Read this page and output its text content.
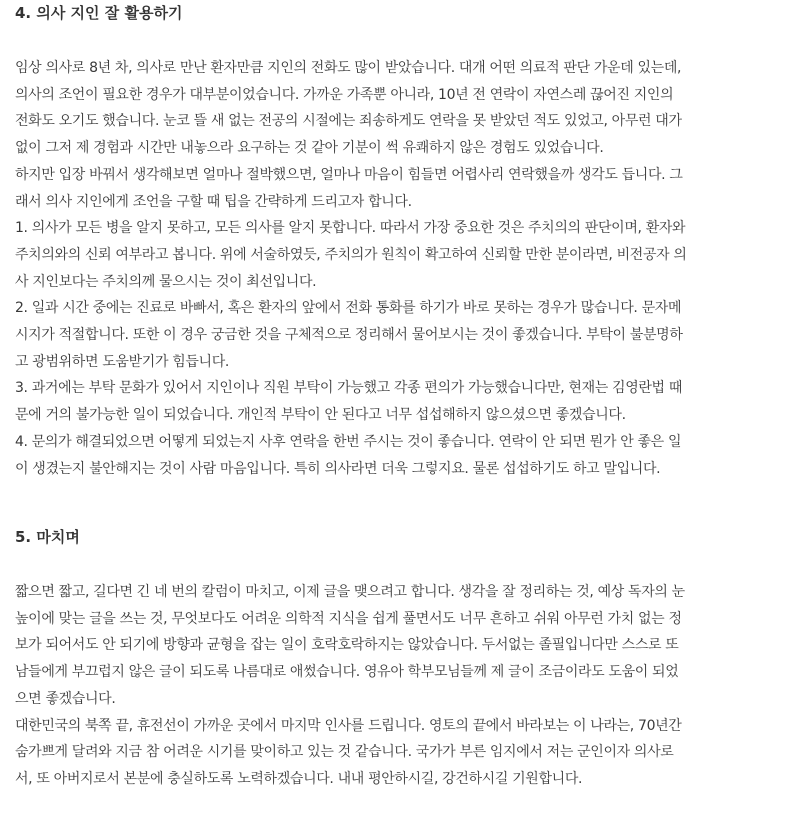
4. 의사 지인 잘 활용하기
임상 의사로 8년 차, 의사로 만난 환자만큼 지인의 전화도 많이 받았습니다. 대개 어떤 의료적 판단 가운데 있는데,
의사의 조언이 필요한 경우가 대부분이었습니다. 가까운 가족뿐 아니라, 10년 전 연락이 자연스레 끊어진 지인의
전화도 오기도 했습니다. 눈코 뜰 새 없는 전공의 시절에는 죄송하게도 연락을 못 받았던 적도 있었고, 아무런 대가
없이 그저 제 경험과 시간만 내놓으라 요구하는 것 같아 기분이 썩 유쾌하지 않은 경험도 있었습니다.
하지만 입장 바꿔서 생각해보면 얼마나 절박했으면, 얼마나 마음이 힘들면 어렵사리 연락했을까 생각도 듭니다. 그
래서 의사 지인에게 조언을 구할 때 팁을 간략하게 드리고자 합니다.
1. 의사가 모든 병을 알지 못하고, 모든 의사를 알지 못합니다. 따라서 가장 중요한 것은 주치의의 판단이며, 환자와
주치의와의 신뢰 여부라고 봅니다. 위에 서술하였듯, 주치의가 원칙이 확고하여 신뢰할 만한 분이라면, 비전공자 의
사 지인보다는 주치의께 물으시는 것이 최선입니다.
2. 일과 시간 중에는 진료로 바빠서, 혹은 환자의 앞에서 전화 통화를 하기가 바로 못하는 경우가 많습니다. 문자메
시지가 적절합니다. 또한 이 경우 궁금한 것을 구체적으로 정리해서 물어보시는 것이 좋겠습니다. 부탁이 불분명하
고 광범위하면 도움받기가 힘듭니다.
3. 과거에는 부탁 문화가 있어서 지인이나 직원 부탁이 가능했고 각종 편의가 가능했습니다만, 현재는 김영란법 때
문에 거의 불가능한 일이 되었습니다. 개인적 부탁이 안 된다고 너무 섭섭해하지 않으셨으면 좋겠습니다.
4. 문의가 해결되었으면 어떻게 되었는지 사후 연락을 한번 주시는 것이 좋습니다. 연락이 안 되면 뭔가 안 좋은 일
이 생겼는지 불안해지는 것이 사람 마음입니다. 특히 의사라면 더욱 그렇지요. 물론 섭섭하기도 하고 말입니다.
5. 마치며
짧으면 짧고, 길다면 긴 네 번의 칼럼이 마치고, 이제 글을 맺으려고 합니다. 생각을 잘 정리하는 것, 예상 독자의 눈
높이에 맞는 글을 쓰는 것, 무엇보다도 어려운 의학적 지식을 쉽게 풀면서도 너무 흔하고 쉬워 아무런 가치 없는 정
보가 되어서도 안 되기에 방향과 균형을 잡는 일이 호락호락하지는 않았습니다. 두서없는 졸필입니다만 스스로 또
남들에게 부끄럽지 않은 글이 되도록 나름대로 애썼습니다. 영유아 학부모님들께 제 글이 조금이라도 도움이 되었
으면 좋겠습니다.
대한민국의 북쪽 끝, 휴전선이 가까운 곳에서 마지막 인사를 드립니다. 영토의 끝에서 바라보는 이 나라는, 70년간
숨가쁘게 달려와 지금 참 어려운 시기를 맞이하고 있는 것 같습니다. 국가가 부른 임지에서 저는 군인이자 의사로
서, 또 아버지로서 본분에 충실하도록 노력하겠습니다. 내내 평안하시길, 강건하시길 기원합니다.
